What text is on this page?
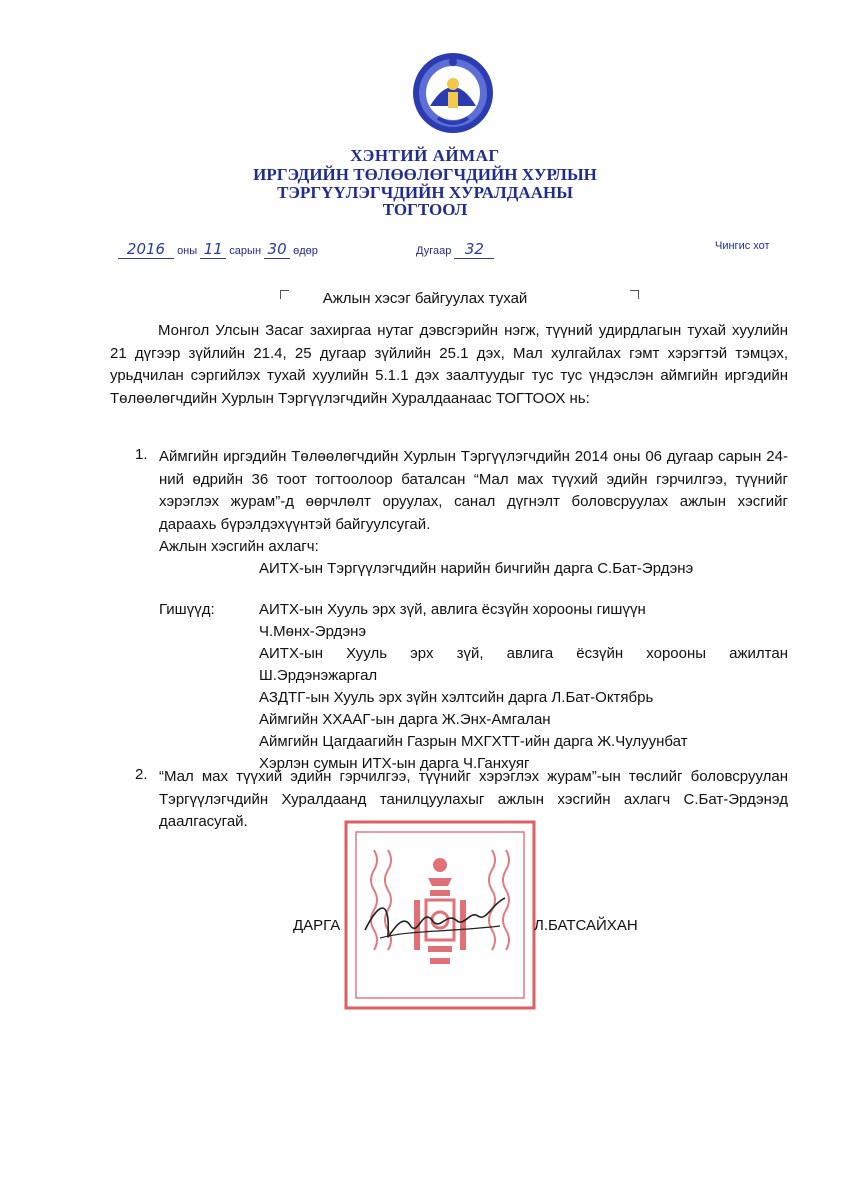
ХЭНТИЙ АЙМАГ
ИРГЭДИЙН ТӨЛӨӨЛӨГЧДИЙН ХУРЛЫН
ТЭРГҮҮЛЭГЧДИЙН ХУРАЛДААНЫ
ТОГТООЛ
2016 оны 11 сарын 30 өдөр	Дугаар 32	Чингис хот
Ажлын хэсэг байгуулах тухай
Монгол Улсын Засаг захиргаа нутаг дэвсгэрийн нэгж, түүний удирдлагын тухай хуулийн 21 дүгээр зүйлийн 21.4, 25 дугаар зүйлийн 25.1 дэх, Мал хулгайлах гэмт хэрэгтэй тэмцэх, урьдчилан сэргийлэх тухай хуулийн 5.1.1 дэх заалтуудыг тус тус үндэслэн аймгийн иргэдийн Төлөөлөгчдийн Хурлын Тэргүүлэгчдийн Хуралдаанаас ТОГТООХ нь:
1. Аймгийн иргэдийн Төлөөлөгчдийн Хурлын Тэргүүлэгчдийн 2014 оны 06 дугаар сарын 24-ний өдрийн 36 тоот тогтоолоор баталсан “Мал мах түүхий эдийн гэрчилгээ, түүнийг хэрэглэх журам”-д өөрчлөлт оруулах, санал дүгнэлт боловсруулах ажлын хэсгийг дараахь бүрэлдэхүүнтэй байгуулсугай.
Ажлын хэсгийн ахлагч:
АИТХ-ын Тэргүүлэгчдийн нарийн бичгийн дарга С.Бат-Эрдэнэ
Гишүүд:	АИТХ-ын Хууль эрх зүй, авлига ёсзүйн хорооны гишүүн
Ч.Мөнх-Эрдэнэ
АИТХ-ын Хууль эрх зүй, авлига ёсзүйн хорооны ажилтан
Ш.Эрдэнэжаргал
АЗДТГ-ын Хууль эрх зүйн хэлтсийн дарга Л.Бат-Октябрь
Аймгийн ХХААГ-ын дарга Ж.Энх-Амгалан
Аймгийн Цагдаагийн Газрын МХГХТТ-ийн дарга Ж.Чулуунбат
Хэрлэн сумын ИТХ-ын дарга Ч.Ганхуяг
2. “Мал мах түүхий эдийн гэрчилгээ, түүнийг хэрэглэх журам”-ын төслийг боловсруулан Тэргүүлэгчдийн Хуралдаанд танилцуулахыг ажлын хэсгийн ахлагч С.Бат-Эрдэнэд даалгасугай.
ДАРГА	Л.БАТСАЙХАН
